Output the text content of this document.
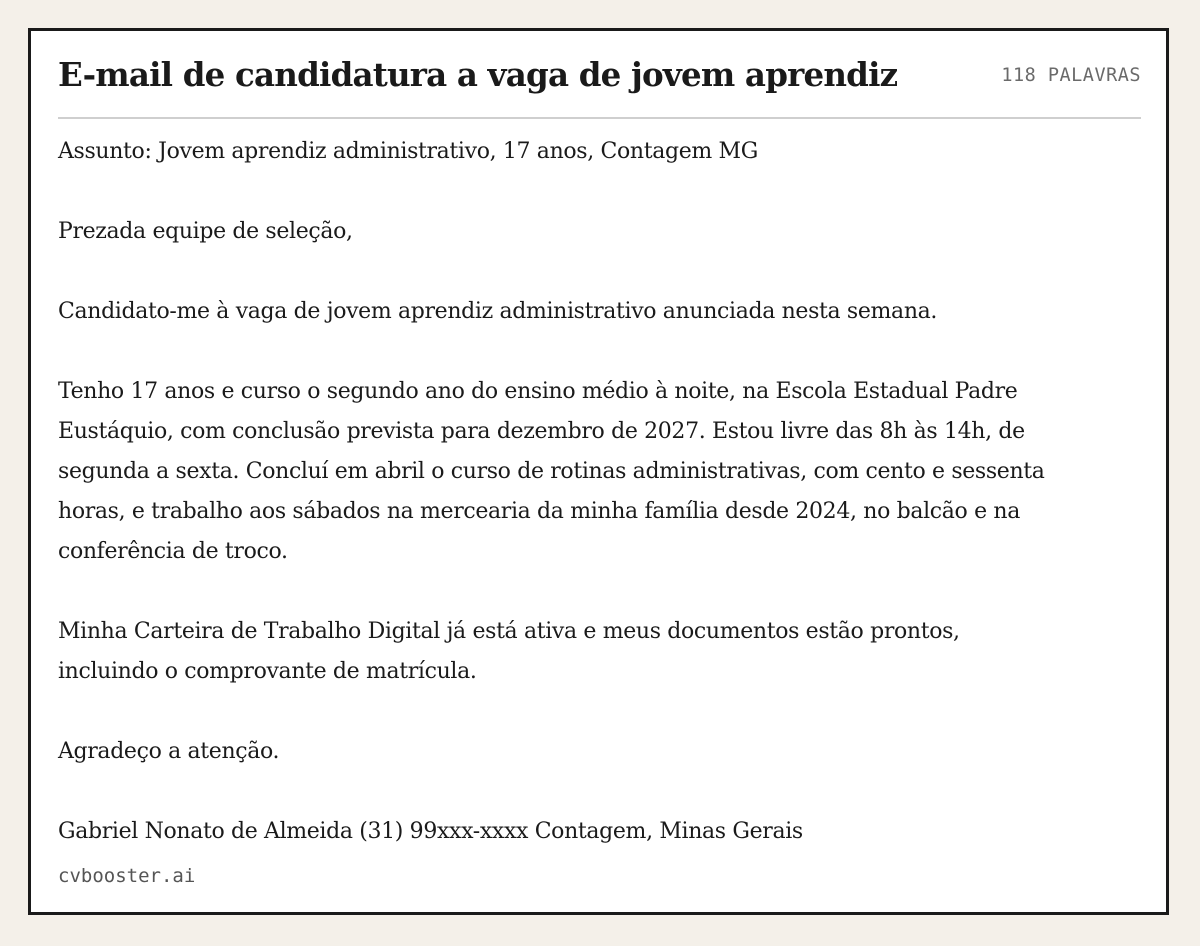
E-mail de candidatura a vaga de jovem aprendiz	118 PALAVRAS

Assunto: Jovem aprendiz administrativo, 17 anos, Contagem MG

Prezada equipe de seleção,

Candidato-me à vaga de jovem aprendiz administrativo anunciada nesta semana.

Tenho 17 anos e curso o segundo ano do ensino médio à noite, na Escola Estadual Padre Eustáquio, com conclusão prevista para dezembro de 2027. Estou livre das 8h às 14h, de segunda a sexta. Concluí em abril o curso de rotinas administrativas, com cento e sessenta horas, e trabalho aos sábados na mercearia da minha família desde 2024, no balcão e na conferência de troco.

Minha Carteira de Trabalho Digital já está ativa e meus documentos estão prontos, incluindo o comprovante de matrícula.

Agradeço a atenção.

Gabriel Nonato de Almeida (31) 99xxx-xxxx Contagem, Minas Gerais

cvbooster.ai
